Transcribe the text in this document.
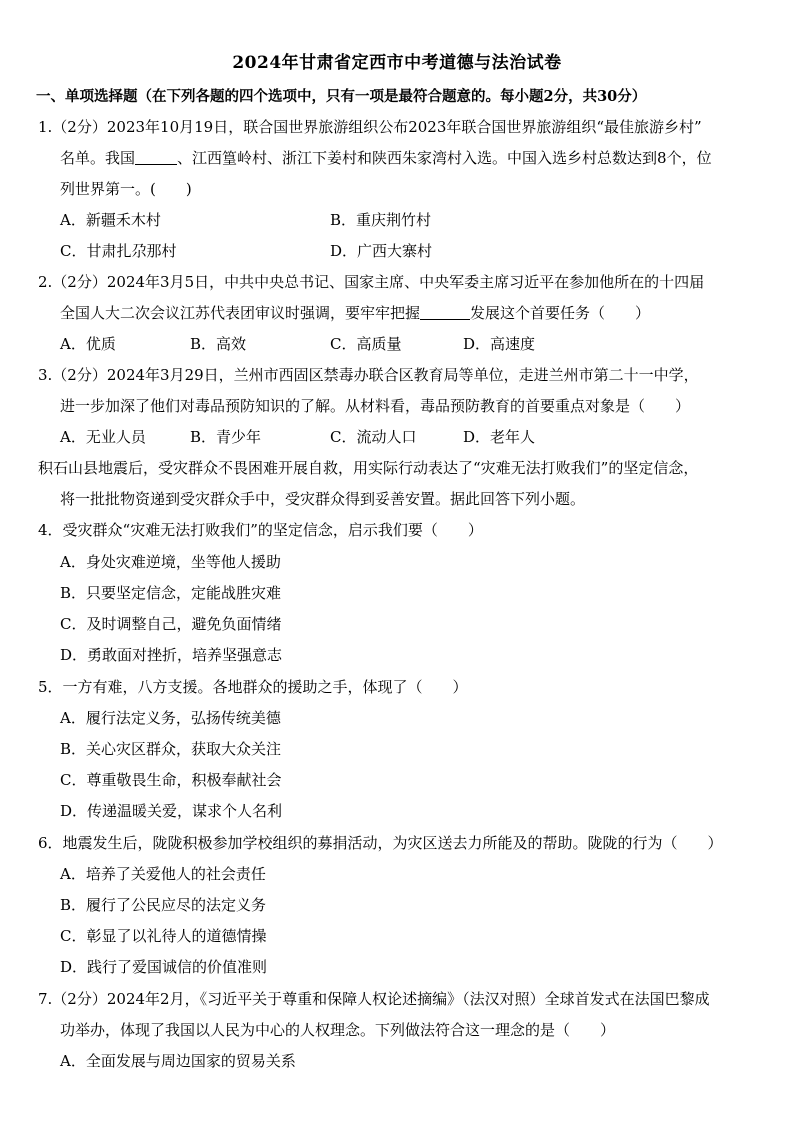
2024年甘肃省定西市中考道德与法治试卷
一、单项选择题（在下列各题的四个选项中，只有一项是最符合题意的。每小题2分，共30分）
1.（2分）2023年10月19日，联合国世界旅游组织公布2023年联合国世界旅游组织“最佳旅游乡村”
名单。我国	、江西篁岭村、浙江下姜村和陕西朱家湾村入选。中国入选乡村总数达到8个，位
列世界第一。(　　)
A．新疆禾木村	B．重庆荆竹村
C．甘肃扎尕那村	D．广西大寨村
2.（2分）2024年3月5日，中共中央总书记、国家主席、中央军委主席习近平在参加他所在的十四届
全国人大二次会议江苏代表团审议时强调，要牢牢把握	发展这个首要任务（　　）
A．优质	B．高效	C．高质量	D．高速度
3.（2分）2024年3月29日，兰州市西固区禁毒办联合区教育局等单位，走进兰州市第二十一中学，
进一步加深了他们对毒品预防知识的了解。从材料看，毒品预防教育的首要重点对象是（　　）
A．无业人员	B．青少年	C．流动人口	D．老年人
积石山县地震后，受灾群众不畏困难开展自救，用实际行动表达了“灾难无法打败我们”的坚定信念，
将一批批物资递到受灾群众手中，受灾群众得到妥善安置。据此回答下列小题。
4．受灾群众“灾难无法打败我们”的坚定信念，启示我们要（　　）
A．身处灾难逆境，坐等他人援助
B．只要坚定信念，定能战胜灾难
C．及时调整自己，避免负面情绪
D．勇敢面对挫折，培养坚强意志
5．一方有难，八方支援。各地群众的援助之手，体现了（　　）
A．履行法定义务，弘扬传统美德
B．关心灾区群众，获取大众关注
C．尊重敬畏生命，积极奉献社会
D．传递温暖关爱，谋求个人名利
6．地震发生后，陇陇积极参加学校组织的募捐活动，为灾区送去力所能及的帮助。陇陇的行为（　　）
A．培养了关爱他人的社会责任
B．履行了公民应尽的法定义务
C．彰显了以礼待人的道德情操
D．践行了爱国诚信的价值准则
7.（2分）2024年2月，《习近平关于尊重和保障人权论述摘编》（法汉对照）全球首发式在法国巴黎成
功举办，体现了我国以人民为中心的人权理念。下列做法符合这一理念的是（　　）
A．全面发展与周边国家的贸易关系
